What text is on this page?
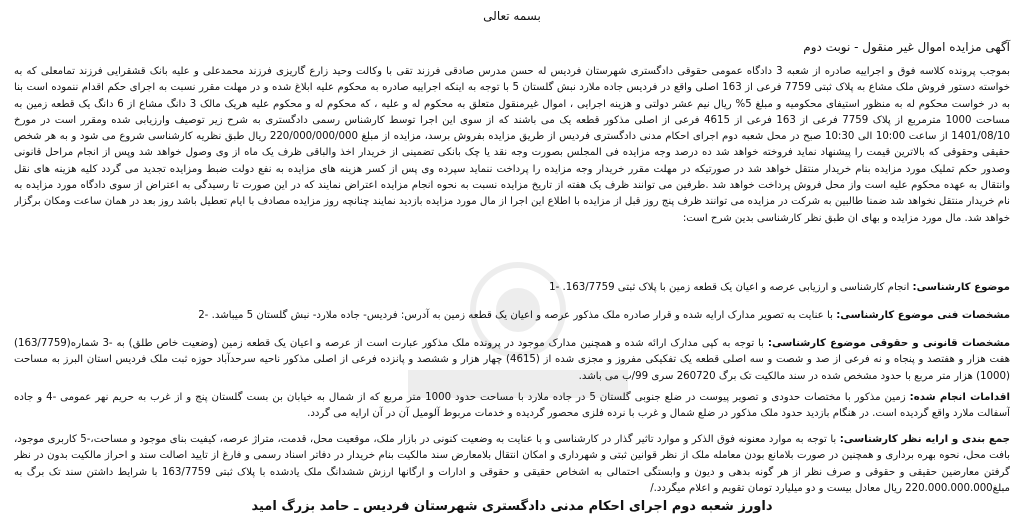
بسمه تعالی
آگهی مزایده اموال غیر منقول - نوبت دوم
بموجب پرونده کلاسه فوق و اجراییه صادره از شعبه 3 دادگاه عمومی حقوقی دادگستری شهرستان فردیس له حسن مدرس صادقی فرزند تقی با وکالت وحید زارع گاریزی فرزند محمدعلی و علیه بانک قشقرایی فرزند تمامعلی که به خواسته دستور فروش ملک مشاع به پلاک ثبتی 7759 فرعی از 163 اصلی واقع در فردیس جاده ملارد نبش گلستان 5 با توجه به اینکه اجراییه صادره به محکوم علیه ابلاغ شده و در مهلت مقرر نسبت به اجرای حکم اقدام ننموده است بنا به در خواست محکوم له به منظور استیفای محکومیه و مبلغ 5% ریال نیم عشر دولتی و هزینه اجرایی ، اموال غیرمنقول متعلق به محکوم له و علیه ، که محکوم له و محکوم علیه هریک مالک 3 دانگ مشاع از 6 دانگ یک قطعه زمین به مساحت 1000 مترمربع از پلاک 7759 فرعی از 163 فرعی از 4615 فرعی از اصلی مذکور قطعه یک می باشند که از سوی این اجرا توسط کارشناس رسمی دادگستری به شرح زیر توصیف وارزیابی شده ومقرر است در مورخ 1401/08/10 از ساعت 10:00 الی 10:30 صبح در محل شعبه دوم اجرای احکام مدنی دادگستری فردیس از طریق مزایده بفروش برسد، مزایده از مبلغ 220/000/000/000 ریال طبق نظریه کارشناسی شروع می شود و به هر شخص حقیقی وحقوقی که بالاترین قیمت را پیشنهاد نماید فروخته خواهد شد ده درصد وجه مزایده فی المجلس بصورت وجه نقد یا چک بانکی تضمینی از خریدار اخذ والباقی ظرف یک ماه از وی وصول خواهد شد وپس از انجام مراحل قانونی وصدور حکم تملیک مورد مزایده بنام خریدار منتقل خواهد شد در صورتیکه در مهلت مقرر خریدار وجه مزایده را پرداخت ننماید سپرده وی پس از کسر هزینه های مزایده به نفع دولت ضبط ومزایده تجدید می گردد کلیه هزینه های نقل وانتقال به عهده محکوم علیه است واز محل فروش پرداخت خواهد شد .طرفین می توانند ظرف یک هفته از تاریخ مزایده نسبت به نحوه انجام مزایده اعتراض نمایند که در این صورت تا رسیدگی به اعتراض از سوی دادگاه مورد مزایده به نام خریدار منتقل نخواهد شد ضمنا طالبین به شرکت در مزایده می توانند ظرف پنج روز قبل از مزایده با اطلاع این اجرا از مال مورد مزایده بازدید نمایند چنانچه روز مزایده مصادف با ایام تعطیل باشد روز بعد در همان ساعت ومکان برگزار خواهد شد. مال مورد مزایده و بهای ان طبق نظر کارشناسی بدین شرح است:
موضوع کارشناسی: انجام کارشناسی و ارزیابی عرصه و اعیان یک قطعه زمین با پلاک ثبتی 163/7759. -1
مشخصات فنی موضوع کارشناسی: با عنایت به تصویر مدارک ارایه شده و قرار صادره ملک مذکور عرصه و اعیان یک قطعه زمین به آدرس: فردیس- جاده ملارد- نبش گلستان 5 میباشد. -2
مشخصات قانونی و حقوقی موضوع کارشناسی: با توجه به کپی مدارک ارائه شده و همچنین مدارک موجود در پرونده ملک مذکور عبارت است از عرصه و اعیان یک قطعه زمین (وضعیت خاص طلق) به -3 شماره(163/7759) هفت هزار و هفتصد و پنجاه و نه فرعی از صد و شصت و سه اصلی قطعه یک تفکیکی مفروز و مجزی شده از (4615) چهار هزار و ششصد و پانزده فرعی از اصلی مذکور ناحیه سرحدآباد حوزه ثبت ملک فردیس استان البرز به مساحت (1000) هزار متر مربع با حدود مشخص شده در سند مالکیت تک برگ 260720 سری 99/ب می باشد.
اقدامات انجام شده: زمین مذکور با مختصات حدودی و تصویر پیوست در ضلع جنوبی گلستان 5 در جاده ملارد با مساحت حدود 1000 متر مربع که از شمال به خیابان بن بست گلستان پنج و از غرب به حریم نهر عمومی -4 و جاده آسفالت ملارد واقع گردیده است. در هنگام بازدید حدود ملک مذکور در ضلع شمال و غرب با نرده فلزی محصور گردیده و خدمات مربوط آلومیل آن در آن ارایه می گردد.
جمع بندی و ارایه نظر کارشناسی: با توجه به موارد معنونه فوق الذکر و موارد تاثیر گذار در کارشناسی و با عنایت به وضعیت کنونی در بازار ملک، موقعیت محل، قدمت، متراژ عرصه، کیفیت بنای موجود و مساحت،-5 کاربری موجود، بافت محل، نحوه بهره برداری و همچنین در صورت بلامانع بودن معامله ملک از نظر قوانین ثبتی و شهرداری و امکان انتقال بلامعارض سند مالکیت بنام خریدار در دفاتر اسناد رسمی و فارغ از تایید اصالت سند و احراز مالکیت بدون در نظر گرفتن معارضین حقیقی و حقوقی و صرف نظر از هر گونه بدهی و دیون و وابستگی احتمالی به اشخاص حقیقی و حقوقی و ادارات و ارگانها ارزش ششدانگ ملک یادشده با پلاک ثبتی 163/7759 با شرایط داشتن سند تک برگ به مبلغ220.000.000.000 ریال معادل بیست و دو میلیارد تومان تقویم و اعلام میگردد./
داورز شعبه دوم اجرای احکام مدنی دادگستری شهرستان فردیس ـ حامد بزرگ امید
